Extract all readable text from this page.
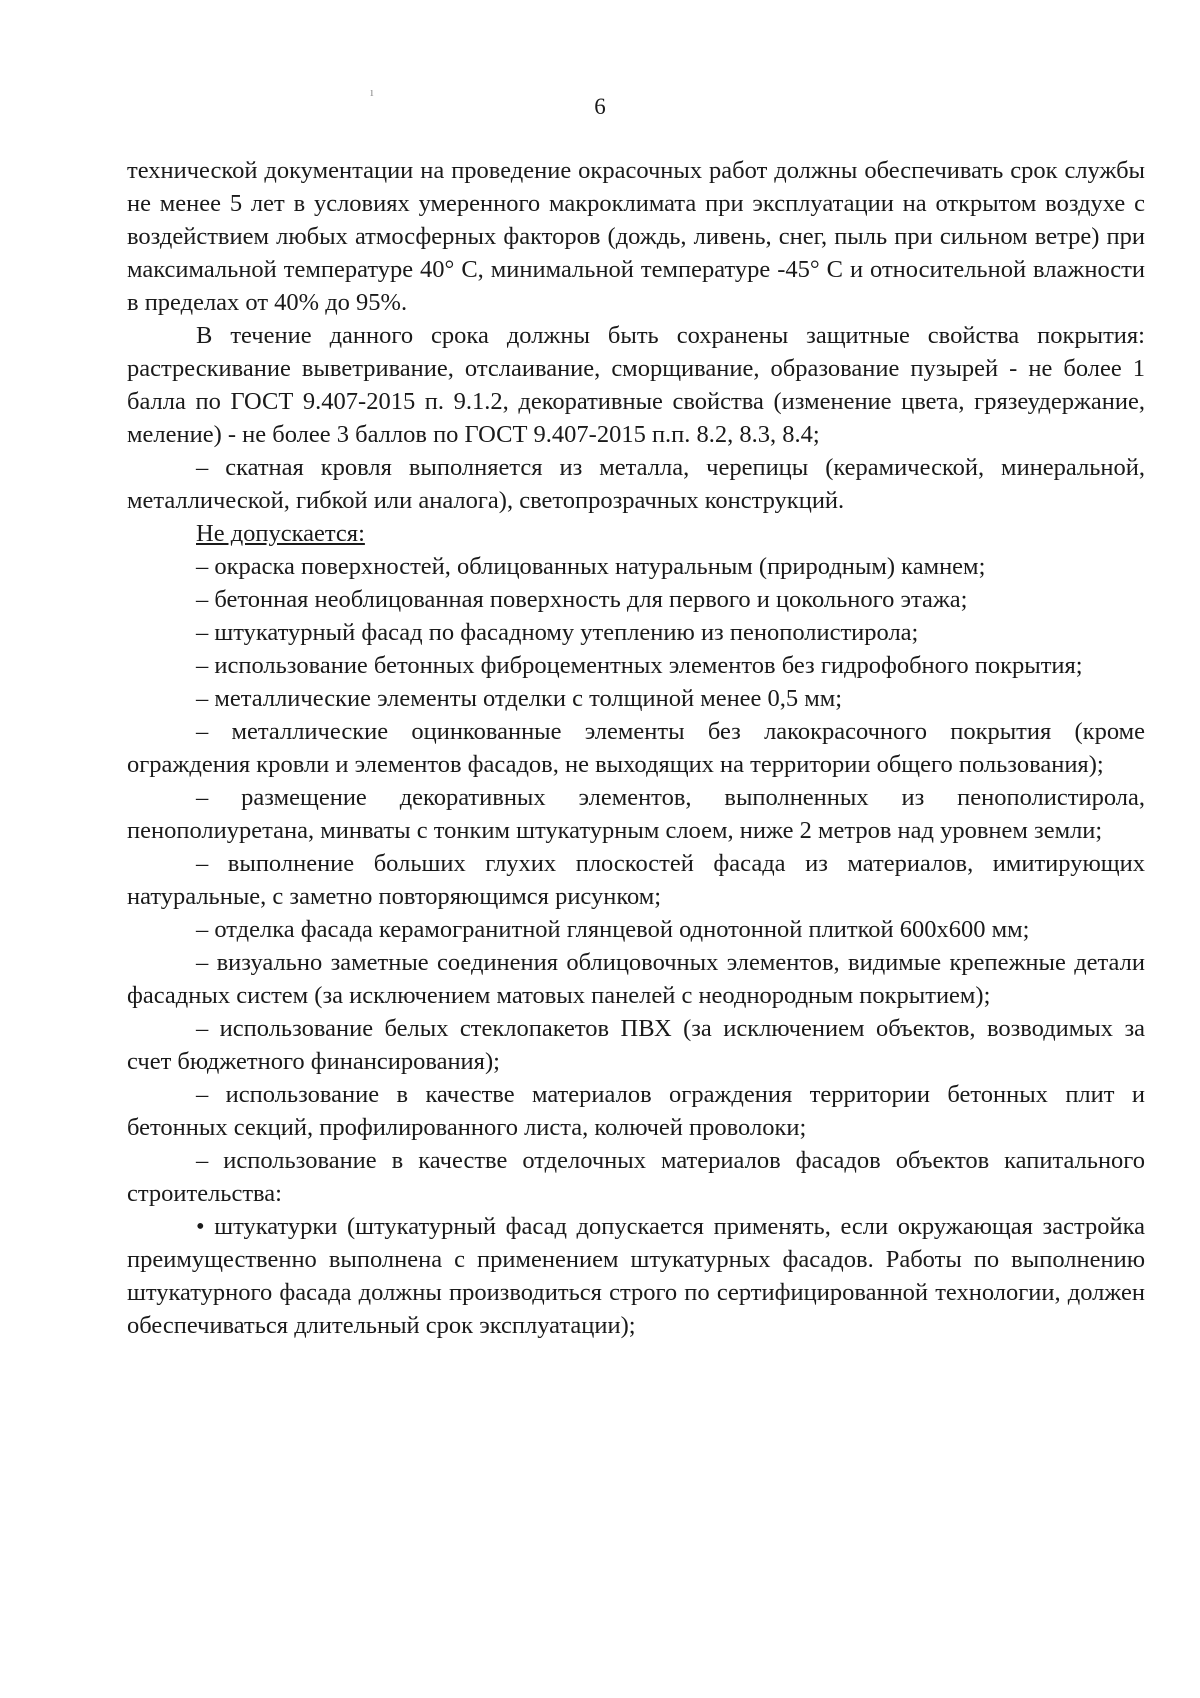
ı
6

технической документации на проведение окрасочных работ должны обеспечивать срок службы не менее 5 лет в условиях умеренного макроклимата при эксплуатации на открытом воздухе с воздействием любых атмосферных факторов (дождь, ливень, снег, пыль при сильном ветре) при максимальной температуре 40° С, минимальной температуре -45° С и относительной влажности в пределах от 40% до 95%.

В течение данного срока должны быть сохранены защитные свойства покрытия: растрескивание выветривание, отслаивание, сморщивание, образование пузырей - не более 1 балла по ГОСТ 9.407-2015 п. 9.1.2, декоративные свойства (изменение цвета, грязеудержание, меление) - не более 3 баллов по ГОСТ 9.407-2015 п.п. 8.2, 8.3, 8.4;

– скатная кровля выполняется из металла, черепицы (керамической, минеральной, металлической, гибкой или аналога), светопрозрачных конструкций.

Не допускается:

– окраска поверхностей, облицованных натуральным (природным) камнем;

– бетонная необлицованная поверхность для первого и цокольного этажа;

– штукатурный фасад по фасадному утеплению из пенополистирола;

– использование бетонных фиброцементных элементов без гидрофобного покрытия;

– металлические элементы отделки с толщиной менее 0,5 мм;

– металлические оцинкованные элементы без лакокрасочного покрытия (кроме ограждения кровли и элементов фасадов, не выходящих на территории общего пользования);

– размещение декоративных элементов, выполненных из пенополистирола, пенополиуретана, минваты с тонким штукатурным слоем, ниже 2 метров над уровнем земли;

– выполнение больших глухих плоскостей фасада из материалов, имитирующих натуральные, с заметно повторяющимся рисунком;

– отделка фасада керамогранитной глянцевой однотонной плиткой 600x600 мм;

– визуально заметные соединения облицовочных элементов, видимые крепежные детали фасадных систем (за исключением матовых панелей с неоднородным покрытием);

– использование белых стеклопакетов ПВХ (за исключением объектов, возводимых за счет бюджетного финансирования);

– использование в качестве материалов ограждения территории бетонных плит и бетонных секций, профилированного листа, колючей проволоки;

– использование в качестве отделочных материалов фасадов объектов капитального строительства:

• штукатурки (штукатурный фасад допускается применять, если окружающая застройка преимущественно выполнена с применением штукатурных фасадов. Работы по выполнению штукатурного фасада должны производиться строго по сертифицированной технологии, должен обеспечиваться длительный срок эксплуатации);
